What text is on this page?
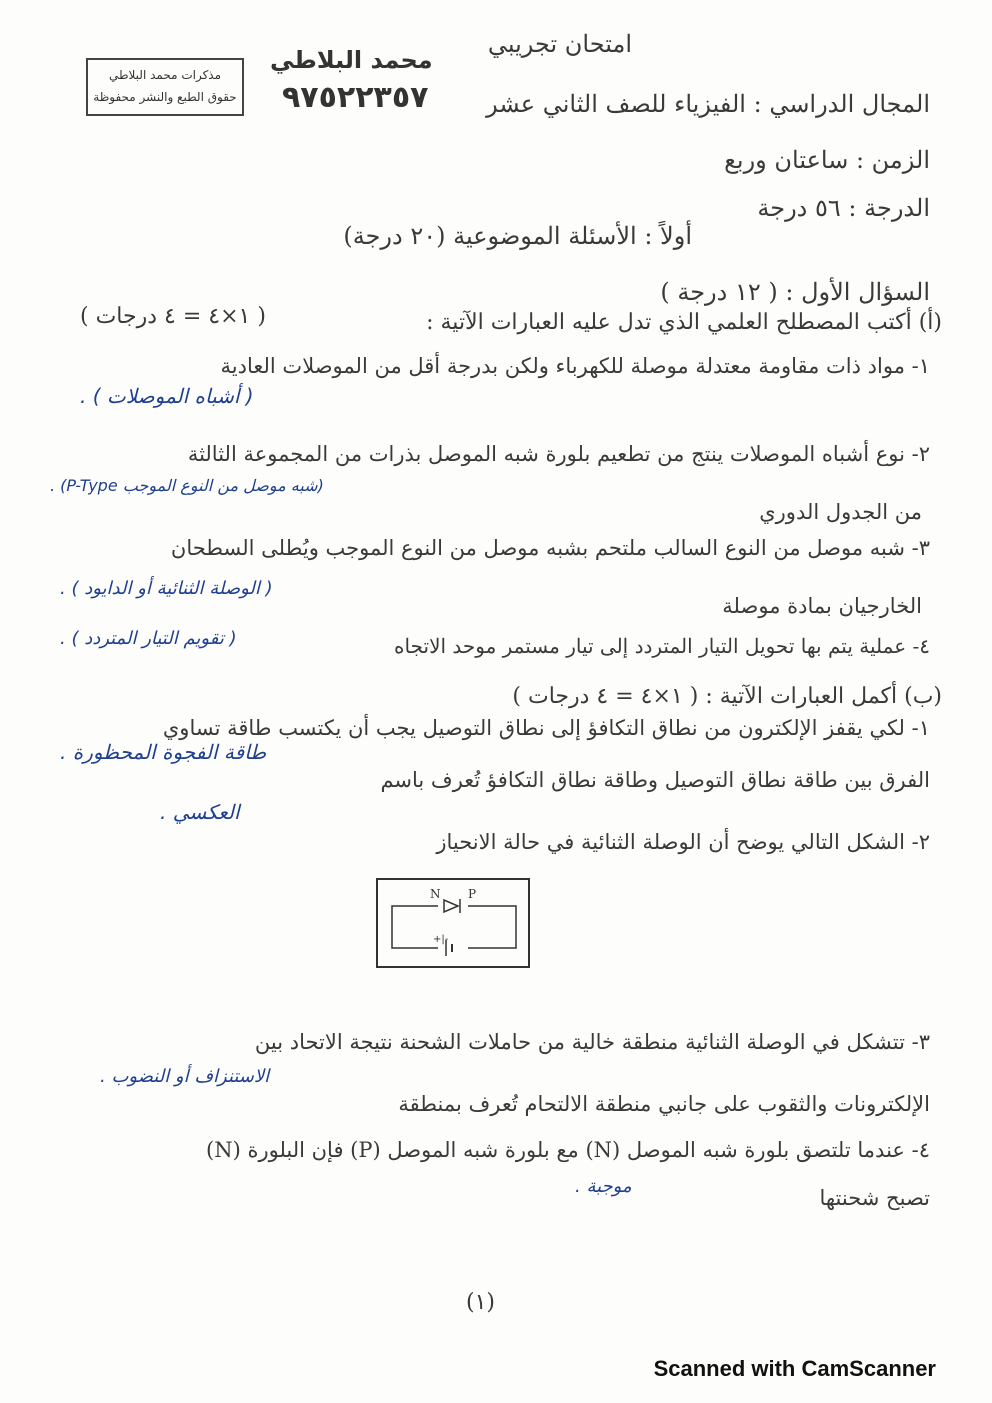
مذكرات محمد البلاطي
حقوق الطبع والنشر محفوظة
محمد البلاطي
٩٧٥٢٢٣٥٧
امتحان تجريبي
المجال الدراسي : الفيزياء للصف الثاني عشر
الزمن : ساعتان وربع
الدرجة : ٥٦ درجة
أولاً : الأسئلة الموضوعية (٢٠ درجة)
السؤال الأول : ( ١٢ درجة )
(أ) أكتب المصطلح العلمي الذي تدل عليه العبارات الآتية :
( ١×٤ = ٤ درجات )
١- مواد ذات مقاومة معتدلة موصلة للكهرباء ولكن بدرجة أقل من الموصلات العادية
( أشباه الموصلات ) .
٢- نوع أشباه الموصلات ينتج من تطعيم بلورة شبه الموصل بذرات من المجموعة الثالثة
(شبه موصل من النوع الموجب P-Type) .
من الجدول الدوري
٣- شبه موصل من النوع السالب ملتحم بشبه موصل من النوع الموجب ويُطلى السطحان
( الوصلة الثنائية أو الدايود ) .
الخارجيان بمادة موصلة
٤- عملية يتم بها تحويل التيار المتردد إلى تيار مستمر موحد الاتجاه
( تقويم التيار المتردد ) .
(ب) أكمل العبارات الآتية : ( ١×٤ = ٤ درجات )
١- لكي يقفز الإلكترون من نطاق التكافؤ إلى نطاق التوصيل يجب أن يكتسب طاقة تساوي
طاقة الفجوة المحظورة .
الفرق بين طاقة نطاق التوصيل وطاقة نطاق التكافؤ تُعرف باسم
٢- الشكل التالي يوضح أن الوصلة الثنائية في حالة الانحياز
العكسي .
N P
+|-
٣- تتشكل في الوصلة الثنائية منطقة خالية من حاملات الشحنة نتيجة الاتحاد بين
الاستنزاف أو النضوب .
الإلكترونات والثقوب على جانبي منطقة الالتحام تُعرف بمنطقة
٤- عندما تلتصق بلورة شبه الموصل (N) مع بلورة شبه الموصل (P) فإن البلورة (N)
تصبح شحنتها
موجبة .
(١)
Scanned with CamScanner
